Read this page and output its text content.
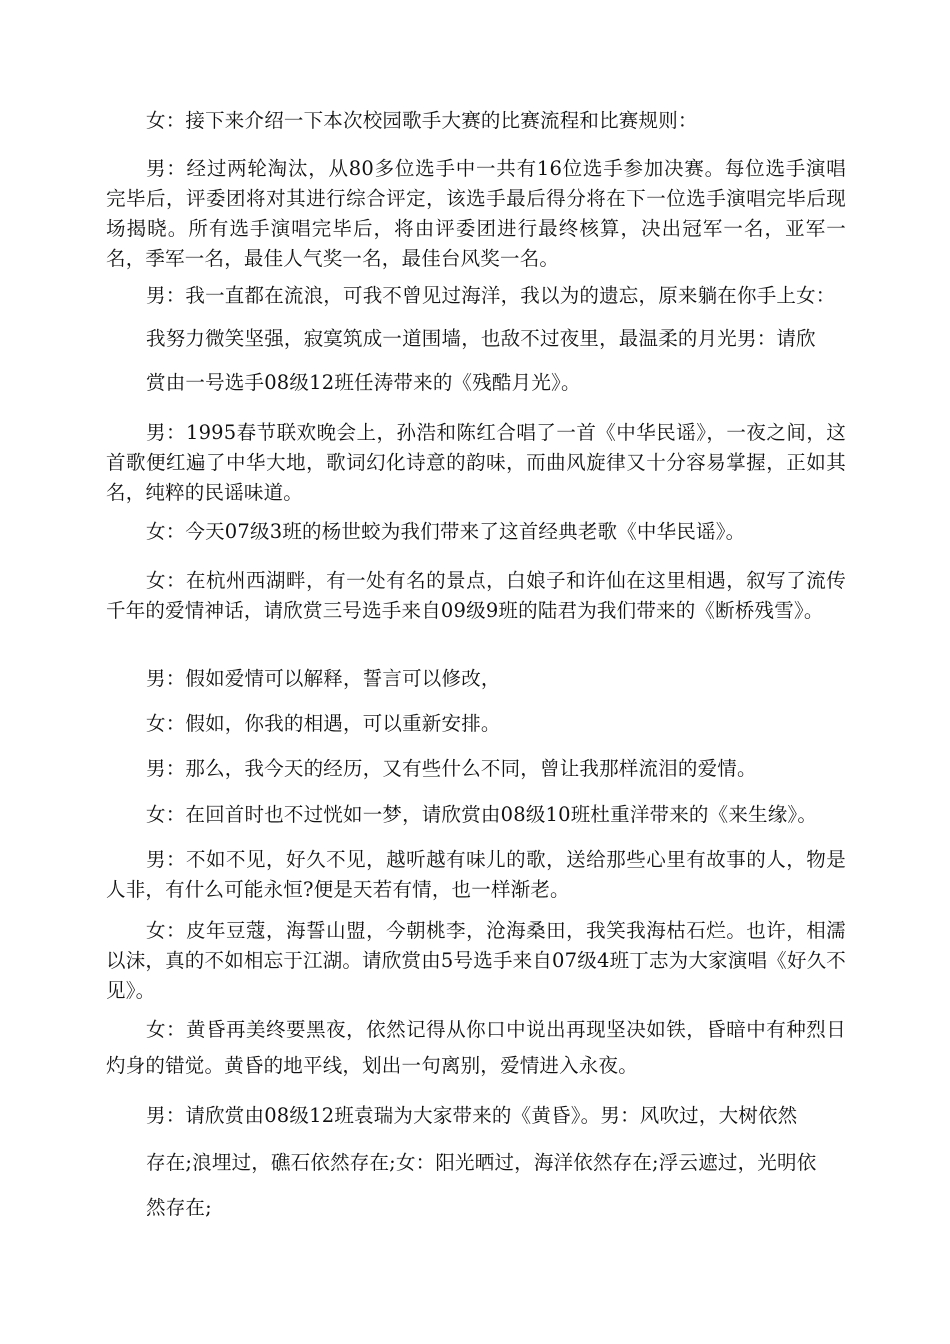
女：接下来介绍一下本次校园歌手大赛的比赛流程和比赛规则：

男：经过两轮淘汰，从80多位选手中一共有16位选手参加决赛。每位选手演唱完毕后，评委团将对其进行综合评定，该选手最后得分将在下一位选手演唱完毕后现场揭晓。所有选手演唱完毕后，将由评委团进行最终核算，决出冠军一名，亚军一名，季军一名，最佳人气奖一名，最佳台风奖一名。

男：我一直都在流浪，可我不曾见过海洋，我以为的遗忘，原来躺在你手上女：

我努力微笑坚强，寂寞筑成一道围墙，也敌不过夜里，最温柔的月光男：请欣

赏由一号选手08级12班任涛带来的《残酷月光》。

男：1995春节联欢晚会上，孙浩和陈红合唱了一首《中华民谣》，一夜之间，这首歌便红遍了中华大地，歌词幻化诗意的韵味，而曲风旋律又十分容易掌握，正如其名，纯粹的民谣味道。

女：今天07级3班的杨世蛟为我们带来了这首经典老歌《中华民谣》。

女：在杭州西湖畔，有一处有名的景点，白娘子和许仙在这里相遇，叙写了流传千年的爱情神话，请欣赏三号选手来自09级9班的陆君为我们带来的《断桥残雪》。

男：假如爱情可以解释，誓言可以修改，

女：假如，你我的相遇，可以重新安排。

男：那么，我今天的经历，又有些什么不同，曾让我那样流泪的爱情。

女：在回首时也不过恍如一梦，请欣赏由08级10班杜重洋带来的《来生缘》。

男：不如不见，好久不见，越听越有味儿的歌，送给那些心里有故事的人，物是人非，有什么可能永恒?便是天若有情，也一样渐老。

女：皮年豆蔻，海誓山盟，今朝桃李，沧海桑田，我笑我海枯石烂。也许，相濡以沫，真的不如相忘于江湖。请欣赏由5号选手来自07级4班丁志为大家演唱《好久不见》。

女：黄昏再美终要黑夜，依然记得从你口中说出再现坚决如铁，昏暗中有种烈日灼身的错觉。黄昏的地平线，划出一句离别，爱情进入永夜。

男：请欣赏由08级12班袁瑞为大家带来的《黄昏》。男：风吹过，大树依然

存在;浪埋过，礁石依然存在;女：阳光晒过，海洋依然存在;浮云遮过，光明依

然存在;
